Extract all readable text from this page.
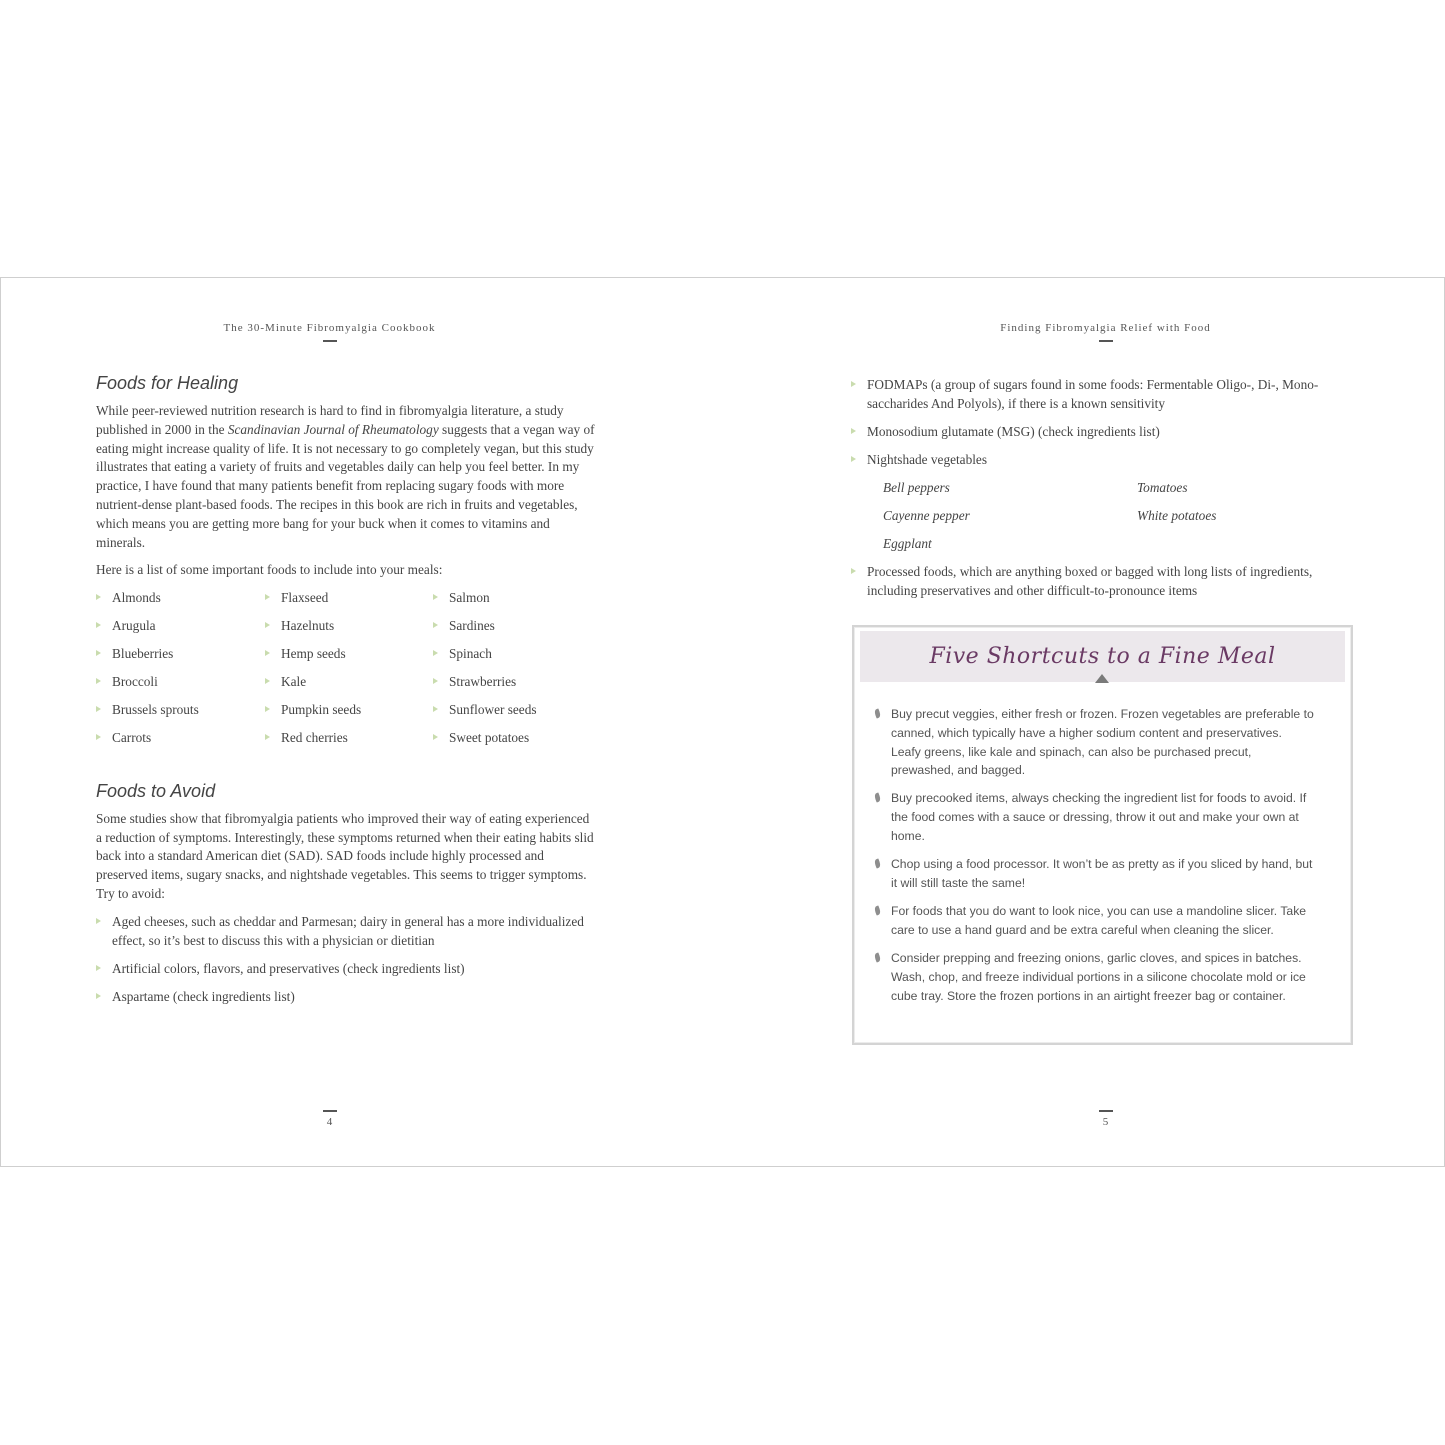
The 30-Minute Fibromyalgia Cookbook
Foods for Healing

While peer-reviewed nutrition research is hard to find in fibromyalgia literature, a study published in 2000 in the Scandinavian Journal of Rheumatology suggests that a vegan way of eating might increase quality of life. It is not necessary to go completely vegan, but this study illustrates that eating a variety of fruits and vegetables daily can help you feel better. In my practice, I have found that many patients benefit from replacing sugary foods with more nutrient-dense plant-based foods. The recipes in this book are rich in fruits and vegetables, which means you are getting more bang for your buck when it comes to vitamins and minerals.

Here is a list of some important foods to include into your meals:

Almonds	Flaxseed	Salmon
Arugula	Hazelnuts	Sardines
Blueberries	Hemp seeds	Spinach
Broccoli	Kale	Strawberries
Brussels sprouts	Pumpkin seeds	Sunflower seeds
Carrots	Red cherries	Sweet potatoes
Foods to Avoid

Some studies show that fibromyalgia patients who improved their way of eating experienced a reduction of symptoms. Interestingly, these symptoms returned when their eating habits slid back into a standard American diet (SAD). SAD foods include highly processed and preserved items, sugary snacks, and nightshade vegetables. This seems to trigger symptoms. Try to avoid:

Aged cheeses, such as cheddar and Parmesan; dairy in general has a more individualized effect, so it’s best to discuss this with a physician or dietitian
Artificial colors, flavors, and preservatives (check ingredients list)
Aspartame (check ingredients list)
4
Finding Fibromyalgia Relief with Food
FODMAPs (a group of sugars found in some foods: Fermentable Oligo-, Di-, Mono-saccharides And Polyols), if there is a known sensitivity
Monosodium glutamate (MSG) (check ingredients list)
Nightshade vegetables
Bell peppers	Tomatoes
Cayenne pepper	White potatoes
Eggplant
Processed foods, which are anything boxed or bagged with long lists of ingredients, including preservatives and other difficult-to-pronounce items
Five Shortcuts to a Fine Meal
Buy precut veggies, either fresh or frozen. Frozen vegetables are preferable to canned, which typically have a higher sodium content and preservatives. Leafy greens, like kale and spinach, can also be purchased precut, prewashed, and bagged.
Buy precooked items, always checking the ingredient list for foods to avoid. If the food comes with a sauce or dressing, throw it out and make your own at home.
Chop using a food processor. It won’t be as pretty as if you sliced by hand, but it will still taste the same!
For foods that you do want to look nice, you can use a mandoline slicer. Take care to use a hand guard and be extra careful when cleaning the slicer.
Consider prepping and freezing onions, garlic cloves, and spices in batches. Wash, chop, and freeze individual portions in a silicone chocolate mold or ice cube tray. Store the frozen portions in an airtight freezer bag or container.
5
